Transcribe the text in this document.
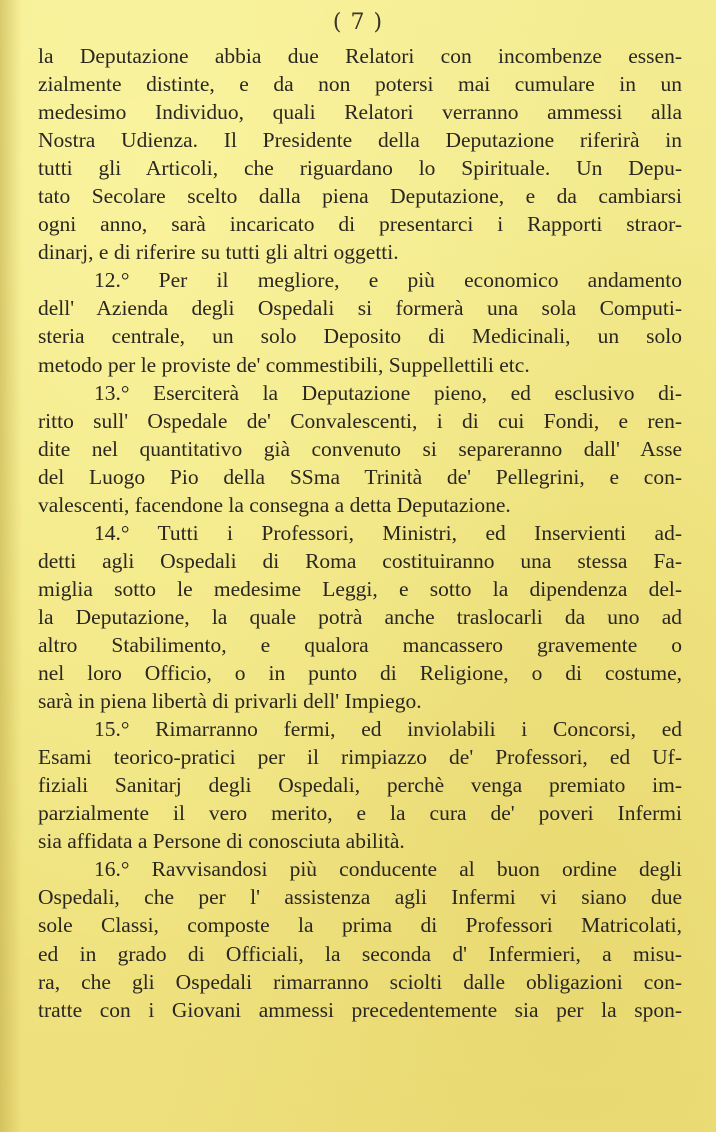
( 7 )
la Deputazione abbia due Relatori con incombenze essen-
zialmente distinte, e da non potersi mai cumulare in un
medesimo Individuo, quali Relatori verranno ammessi alla
Nostra Udienza. Il Presidente della Deputazione riferirà in
tutti gli Articoli, che riguardano lo Spirituale. Un Depu-
tato Secolare scelto dalla piena Deputazione, e da cambiarsi
ogni anno, sarà incaricato di presentarci i Rapporti straor-
dinarj, e di riferire su tutti gli altri oggetti.
12.° Per il megliore, e più economico andamento
dell' Azienda degli Ospedali si formerà una sola Computi-
steria centrale, un solo Deposito di Medicinali, un solo
metodo per le proviste de' commestibili, Suppellettili etc.
13.° Eserciterà la Deputazione pieno, ed esclusivo di-
ritto sull' Ospedale de' Convalescenti, i di cui Fondi, e ren-
dite nel quantitativo già convenuto si separeranno dall' Asse
del Luogo Pio della SSma Trinità de' Pellegrini, e con-
valescenti, facendone la consegna a detta Deputazione.
14.° Tutti i Professori, Ministri, ed Inservienti ad-
detti agli Ospedali di Roma costituiranno una stessa Fa-
miglia sotto le medesime Leggi, e sotto la dipendenza del-
la Deputazione, la quale potrà anche traslocarli da uno ad
altro Stabilimento, e qualora mancassero gravemente o
nel loro Officio, o in punto di Religione, o di costume,
sarà in piena libertà di privarli dell' Impiego.
15.° Rimarranno fermi, ed inviolabili i Concorsi, ed
Esami teorico-pratici per il rimpiazzo de' Professori, ed Uf-
fiziali Sanitarj degli Ospedali, perchè venga premiato im-
parzialmente il vero merito, e la cura de' poveri Infermi
sia affidata a Persone di conosciuta abilità.
16.° Ravvisandosi più conducente al buon ordine degli
Ospedali, che per l' assistenza agli Infermi vi siano due
sole Classi, composte la prima di Professori Matricolati,
ed in grado di Officiali, la seconda d' Infermieri, a misu-
ra, che gli Ospedali rimarranno sciolti dalle obligazioni con-
tratte con i Giovani ammessi precedentemente sia per la spon-
